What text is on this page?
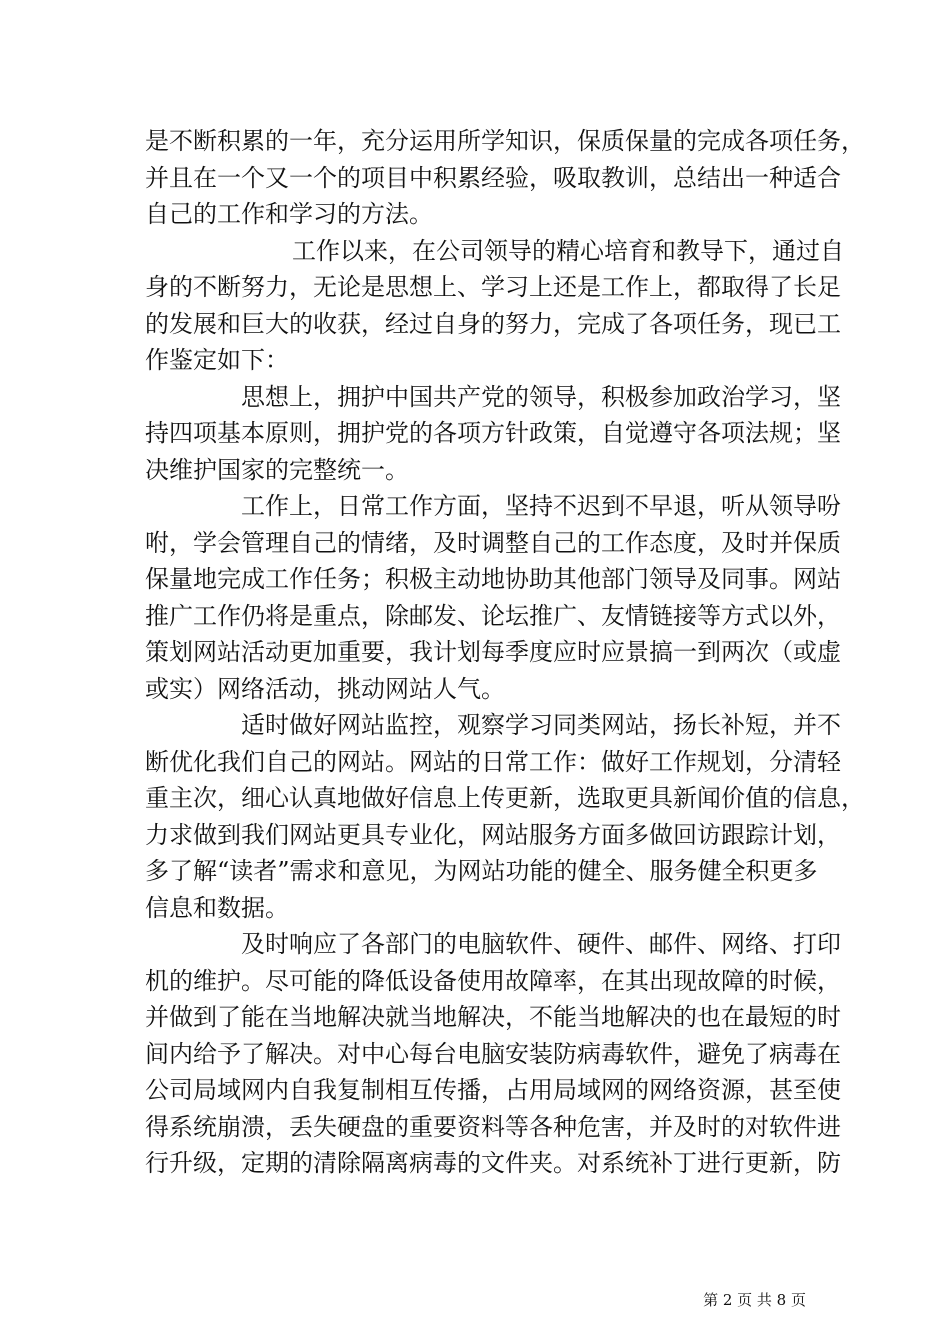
是不断积累的一年，充分运用所学知识，保质保量的完成各项任务，
并且在一个又一个的项目中积累经验，吸取教训，总结出一种适合
自己的工作和学习的方法。
工作以来，在公司领导的精心培育和教导下，通过自
身的不断努力，无论是思想上、学习上还是工作上，都取得了长足
的发展和巨大的收获，经过自身的努力，完成了各项任务，现已工
作鉴定如下：
思想上，拥护中国共产党的领导，积极参加政治学习，坚
持四项基本原则，拥护党的各项方针政策，自觉遵守各项法规；坚
决维护国家的完整统一。
工作上，日常工作方面，坚持不迟到不早退，听从领导吩
咐，学会管理自己的情绪，及时调整自己的工作态度，及时并保质
保量地完成工作任务；积极主动地协助其他部门领导及同事。网站
推广工作仍将是重点，除邮发、论坛推广、友情链接等方式以外，
策划网站活动更加重要，我计划每季度应时应景搞一到两次（或虚
或实）网络活动，挑动网站人气。
适时做好网站监控，观察学习同类网站，扬长补短，并不
断优化我们自己的网站。网站的日常工作：做好工作规划，分清轻
重主次，细心认真地做好信息上传更新，选取更具新闻价值的信息，
力求做到我们网站更具专业化，网站服务方面多做回访跟踪计划，
多了解“读者”需求和意见，为网站功能的健全、服务健全积更多
信息和数据。
及时响应了各部门的电脑软件、硬件、邮件、网络、打印
机的维护。尽可能的降低设备使用故障率，在其出现故障的时候，
并做到了能在当地解决就当地解决，不能当地解决的也在最短的时
间内给予了解决。对中心每台电脑安装防病毒软件，避免了病毒在
公司局域网内自我复制相互传播，占用局域网的网络资源，甚至使
得系统崩溃，丢失硬盘的重要资料等各种危害，并及时的对软件进
行升级，定期的清除隔离病毒的文件夹。对系统补丁进行更新，防
第 2 页 共 8 页
